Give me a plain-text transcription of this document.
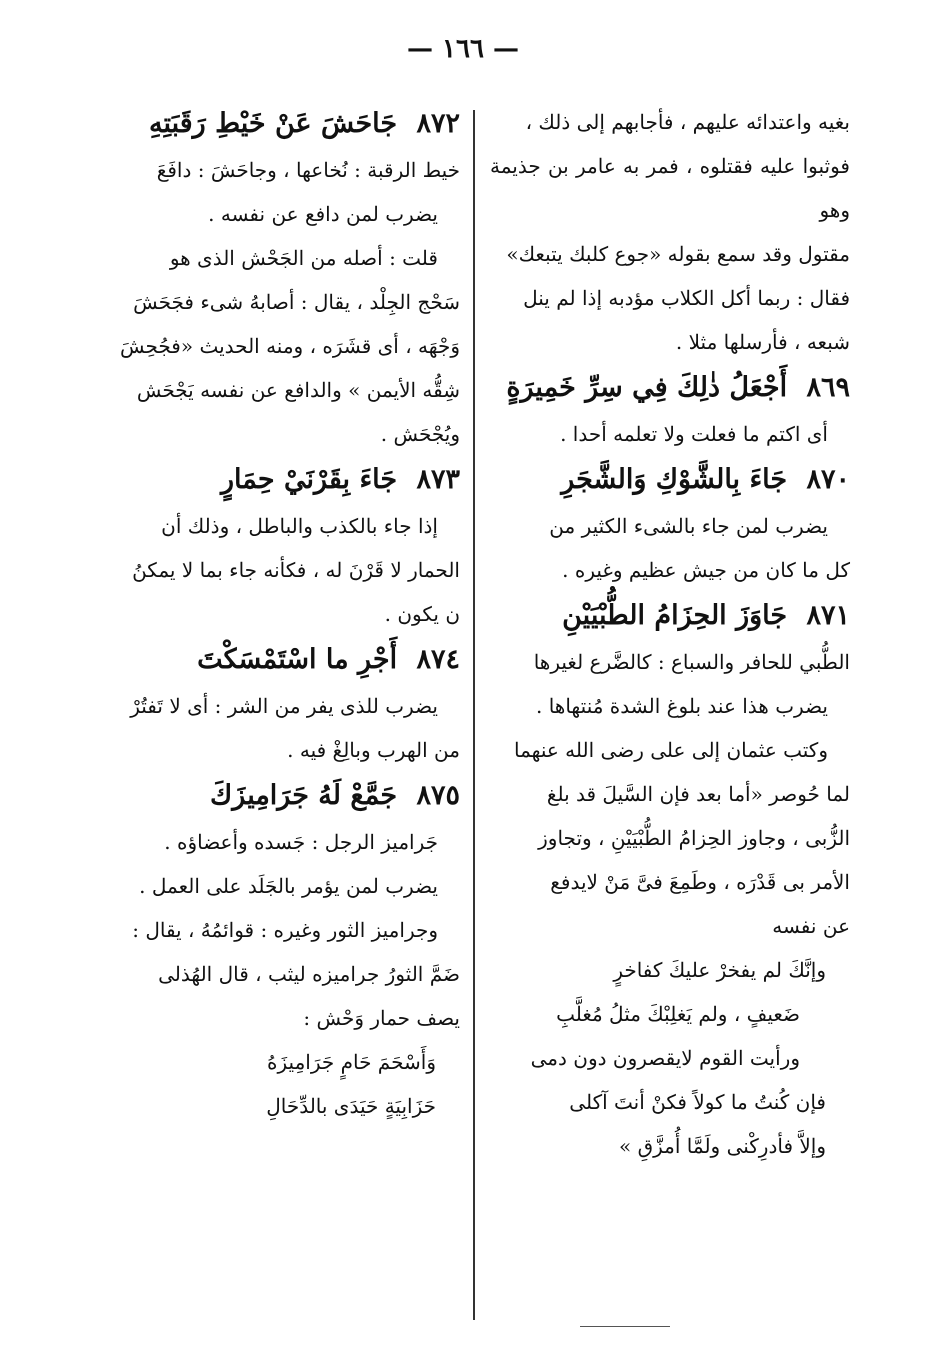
— ١٦٦ —

بغيه واعتدائه عليهم ، فأجابهم إلى ذلك ،

فوثبوا عليه فقتلوه ، فمر به عامر بن جذيمة وهو

مقتول وقد سمع بقوله «جوع كلبك يتبعك»

فقال : ربما أكل الكلاب مؤدبه إذا لم ينل

شبعه ، فأرسلها مثلا .

٨٦٩ أَجْعَلُ ذٰلِكَ فِي سِرِّ خَمِيرَةٍ

أى اكتم ما فعلت ولا تعلمه أحدا .

٨٧٠ جَاءَ بِالشَّوْكِ وَالشَّجَرِ

يضرب لمن جاء بالشىء الكثير من

كل ما كان من جيش عظيم وغيره .

٨٧١ جَاوَزَ الحِزَامُ الطُّبْيَيْنِ

الطُّبي للحافر والسباع : كالضَّرع لغيرها

يضرب هذا عند بلوغ الشدة مُنتهاها .

وكتب عثمان إلى على رضى الله عنهما

لما حُوصر «أما بعد فإن السَّيلَ قد بلغ

الزُّبى ، وجاوز الحِزامُ الطُّبْيَيْنِ ، وتجاوز

الأمر بى قَدْرَه ، وطَمِعَ فىَّ مَنْ لايدفع

عن نفسه

وإنَّكَ لم يفخرْ عليكَ كفاخرٍ

ضَعيفٍ ، ولم يَغلِبْكَ مثلُ مُغلَّبِ

ورأيت القوم لايقصرون دون دمى

فإن كُنتُ ما كولاً فكنْ أنتَ آكلى

وإلاَّ فأدرِكْنى ولَمَّا أُمزَّقِ »

٨٧٢ جَاحَشَ عَنْ خَيْطِ رَقَبَتِهِ

خيط الرقبة : نُخاعها ، وجاحَشَ : دافَعَ

يضرب لمن دافع عن نفسه .

قلت : أصله من الجَحْش الذى هو

سَحْج الجِلْد ، يقال : أصابهُ شىء فجَحَشَ

وَجْهَه ، أى قشَرَه ، ومنه الحديث «فجُحِشَ

شِقُّه الأيمن » والدافع عن نفسه يَجْحَش

ويُجْحَش .

٨٧٣ جَاءَ بِقَرْنَيْ حِمَارٍ

إذا جاء بالكذب والباطل ، وذلك أن

الحمار لا قَرْنَ له ، فكأنه جاء بما لا يمكنُ

ن يكون .

٨٧٤ أَجْرِ ما اسْتَمْسَكْتَ

يضرب للذى يفر من الشر : أى لا تَفتُرْ

من الهرب وبالِغْ فيه .

٨٧٥ جَمَّعْ لَهُ جَرَامِيزَكَ

جَراميز الرجل : جَسده وأعضاؤه .

يضرب لمن يؤمر بالجَلَد على العمل .

وجراميز الثور وغيره : قوائمُهُ ، يقال :

ضَمَّ الثورُ جراميزه ليثب ، قال الهُذلى

يصف حمار وَحْش :

وَأَسْحَمَ حَامٍ جَرَامِيزَهُ

حَزَابِيَةٍ حَيَدَى بالدِّحَالِ
